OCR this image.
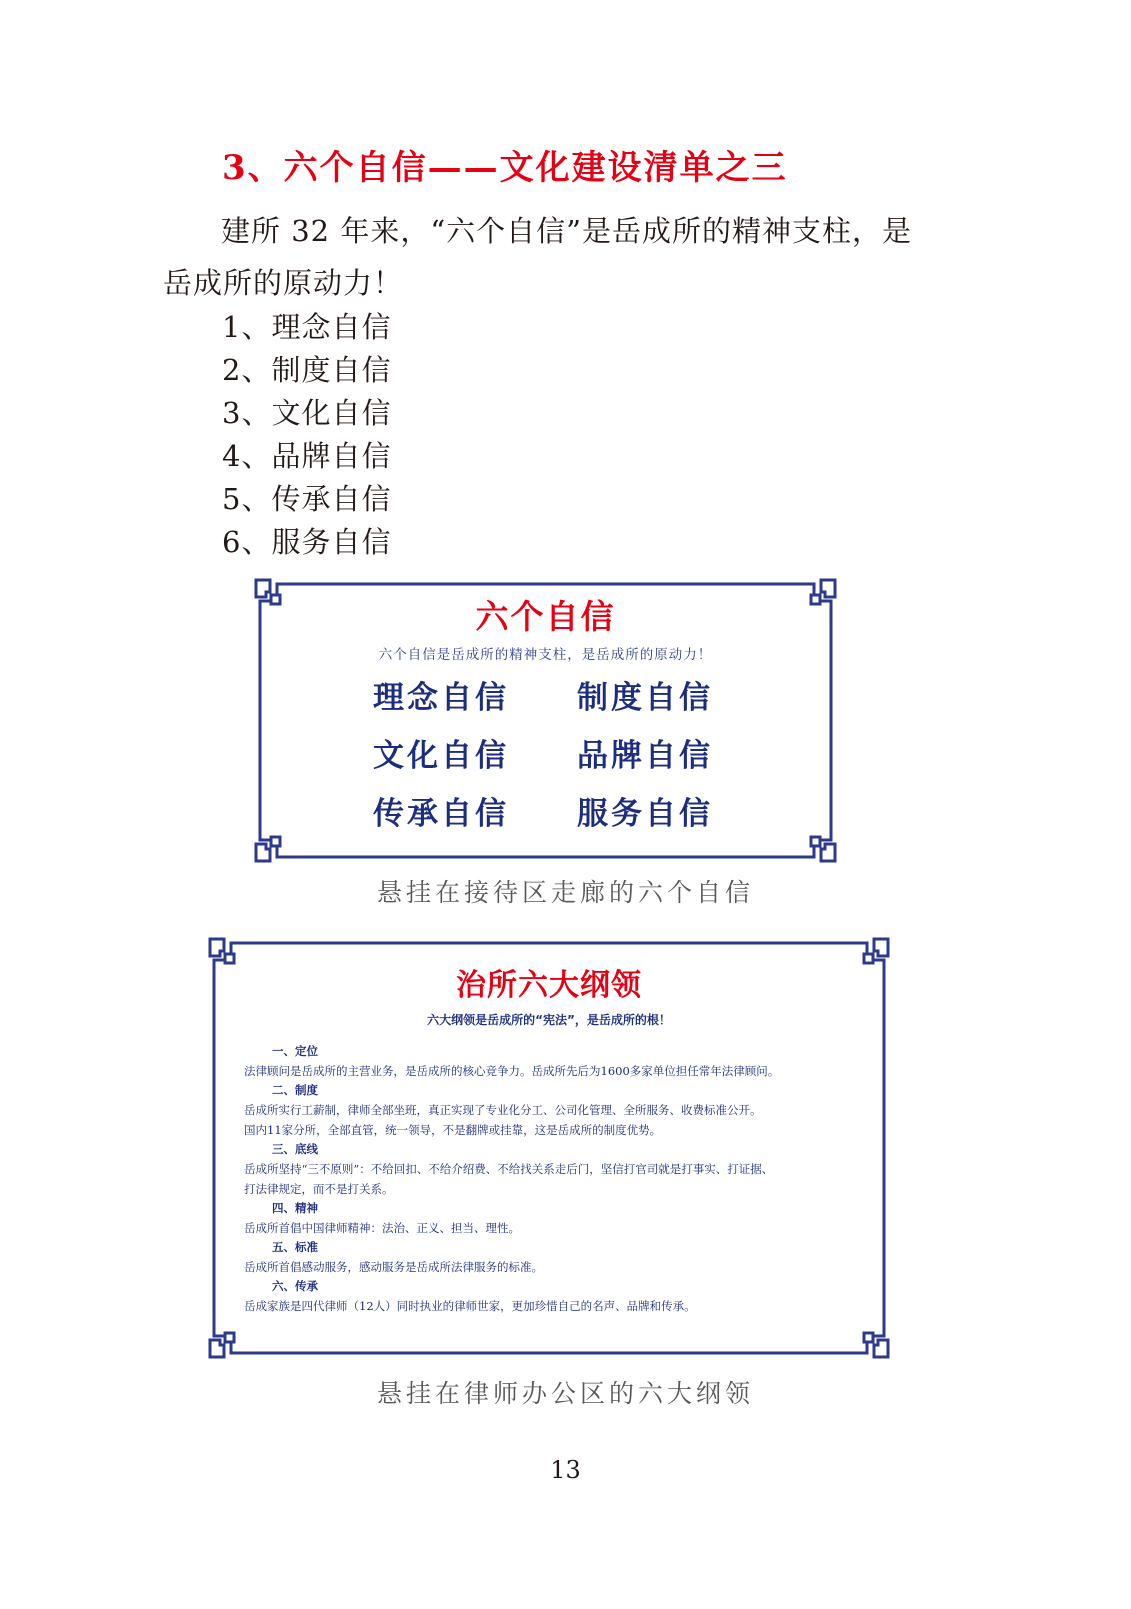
3、六个自信——文化建设清单之三

建所 32 年来，“六个自信”是岳成所的精神支柱，是
岳成所的原动力！

1、理念自信
2、制度自信
3、文化自信
4、品牌自信
5、传承自信
6、服务自信
六个自信
六个自信是岳成所的精神支柱，是岳成所的原动力！
理念自信	制度自信
文化自信	品牌自信
传承自信	服务自信

悬挂在接待区走廊的六个自信

治所六大纲领
六大纲领是岳成所的“宪法”，是岳成所的根！
一、定位
法律顾问是岳成所的主营业务，是岳成所的核心竞争力。岳成所先后为1600多家单位担任常年法律顾问。
二、制度
岳成所实行工薪制，律师全部坐班，真正实现了专业化分工、公司化管理、全所服务、收费标准公开。
国内11家分所，全部直管，统一领导，不是翻牌或挂靠，这是岳成所的制度优势。
三、底线
岳成所坚持“三不原则”：不给回扣、不给介绍费、不给找关系走后门，坚信打官司就是打事实、打证据、
打法律规定，而不是打关系。
四、精神
岳成所首倡中国律师精神：法治、正义、担当、理性。
五、标准
岳成所首倡感动服务，感动服务是岳成所法律服务的标准。
六、传承
岳成家族是四代律师（12人）同时执业的律师世家，更加珍惜自己的名声、品牌和传承。

悬挂在律师办公区的六大纲领

13
